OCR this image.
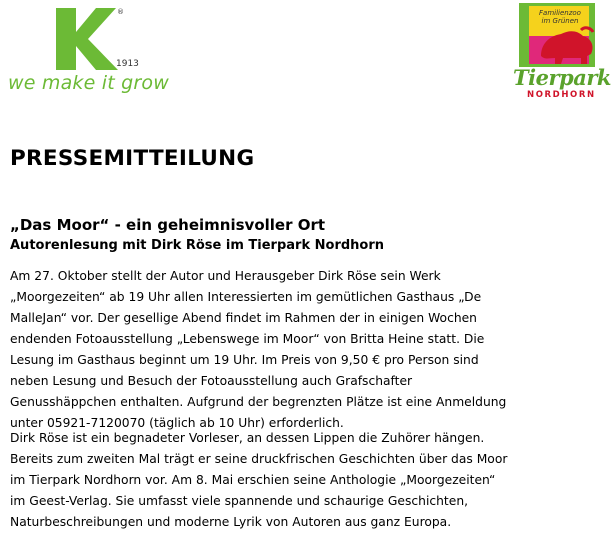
®
1913
we make it grow
Familienzoo im Grünen
Tierpark
NORDHORN
PRESSEMITTEILUNG
„Das Moor“ - ein geheimnisvoller Ort
Autorenlesung mit Dirk Röse im Tierpark Nordhorn
Am 27. Oktober stellt der Autor und Herausgeber Dirk Röse sein Werk
„Moorgezeiten“ ab 19 Uhr allen Interessierten im gemütlichen Gasthaus „De
MalleJan“ vor. Der gesellige Abend findet im Rahmen der in einigen Wochen
endenden Fotoausstellung „Lebenswege im Moor“ von Britta Heine statt. Die
Lesung im Gasthaus beginnt um 19 Uhr. Im Preis von 9,50 € pro Person sind
neben Lesung und Besuch der Fotoausstellung auch Grafschafter
Genusshäppchen enthalten. Aufgrund der begrenzten Plätze ist eine Anmeldung
unter 05921-7120070 (täglich ab 10 Uhr) erforderlich.
Dirk Röse ist ein begnadeter Vorleser, an dessen Lippen die Zuhörer hängen.
Bereits zum zweiten Mal trägt er seine druckfrischen Geschichten über das Moor
im Tierpark Nordhorn vor. Am 8. Mai erschien seine Anthologie „Moorgezeiten“
im Geest-Verlag. Sie umfasst viele spannende und schaurige Geschichten,
Naturbeschreibungen und moderne Lyrik von Autoren aus ganz Europa.
